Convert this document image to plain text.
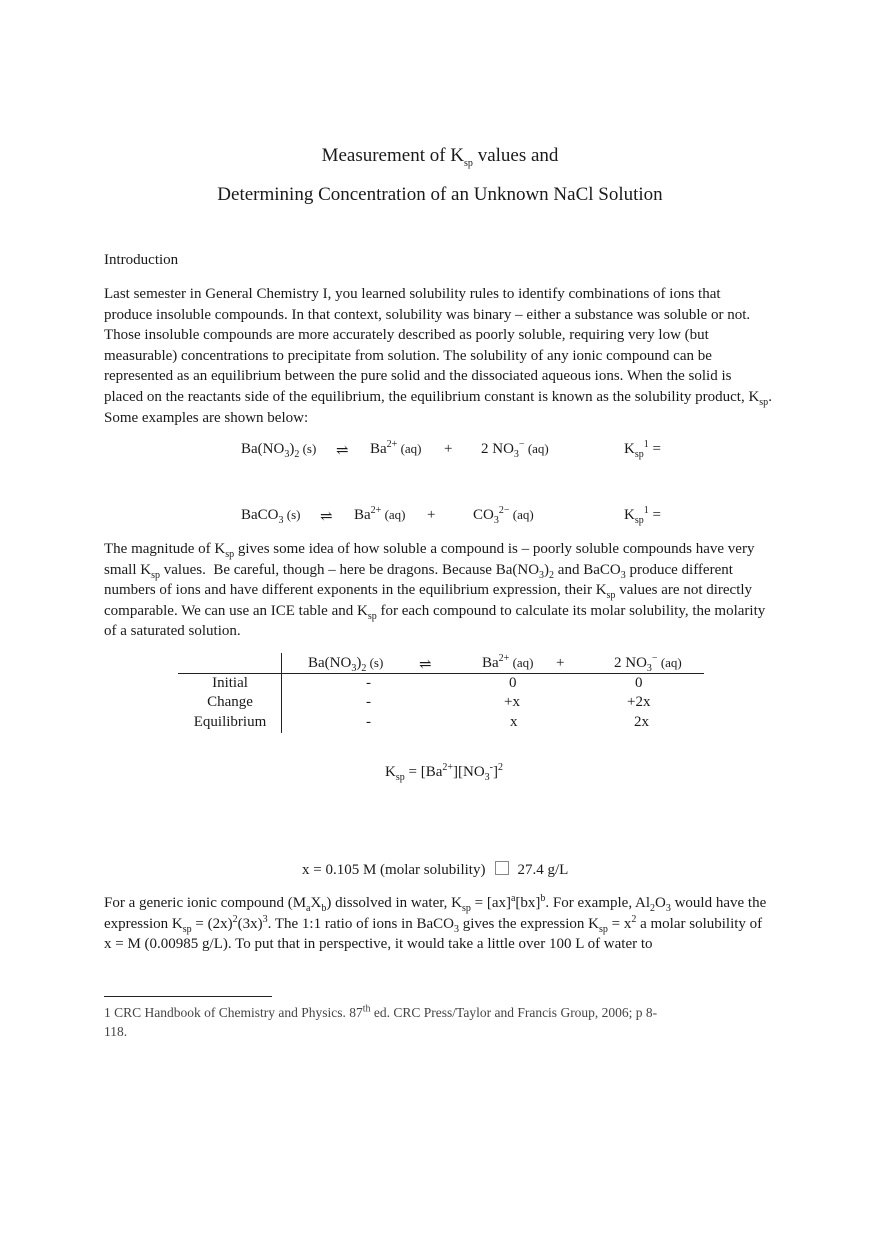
Measurement of $K_{sp}$ values and
Determining Concentration of an Unknown NaCl Solution
Introduction
Last semester in General Chemistry I, you learned solubility rules to identify combinations of ions that produce insoluble compounds. In that context, solubility was binary – either a substance was soluble or not. Those insoluble compounds are more accurately described as poorly soluble, requiring very low (but measurable) concentrations to precipitate from solution. The solubility of any ionic compound can be represented as an equilibrium between the pure solid and the dissociated aqueous ions. When the solid is placed on the reactants side of the equilibrium, the equilibrium constant is known as the solubility product, $K_{sp}$. Some examples are shown below:
$Ba(NO_3)_2$ (s) ⇌ $Ba^{2+}$ (aq) + 2 $NO_3^-$ (aq)	$K_{sp}^1$ =
BaCO$_3$ (s) ⇌ $Ba^{2+}$ (aq) +	$CO_3^{2-}$ (aq)	$K_{sp}^1$ =
The magnitude of $K_{sp}$ gives some idea of how soluble a compound is – poorly soluble compounds have very small $K_{sp}$ values.  Be careful, though – here be dragons. Because $Ba(NO_3)_2$ and BaCO$_3$ produce different numbers of ions and have different exponents in the equilibrium expression, their $K_{sp}$ values are not directly comparable. We can use an ICE table and $K_{sp}$ for each compound to calculate its molar solubility, the molarity of a saturated solution.
$Ba(NO_3)_2$ (s) ⇌	$Ba^{2+}$ (aq) +	2 $NO_3^-$ (aq)
Initial	-	0	0
Change	-	+x	+2x
Equilibrium	-	x	2x
$K_{sp} = [Ba^{2+}][NO_3^-]^2$
x = 0.105 M (molar solubility) 27.4 g/L
For a generic ionic compound $(M_aX_b)$ dissolved in water, $K_{sp} = [ax]^a[bx]^b$. For example, $Al_2O_3$ would have the expression $K_{sp} = (2x)^2(3x)^3$. The 1:1 ratio of ions in BaCO$_3$ gives the expression $K_{sp} = x^2$ a molar solubility of x = M (0.00985 g/L). To put that in perspective, it would take a little over 100 L of water to
1 CRC Handbook of Chemistry and Physics. 87th ed. CRC Press/Taylor and Francis Group, 2006; p 8-
118.
